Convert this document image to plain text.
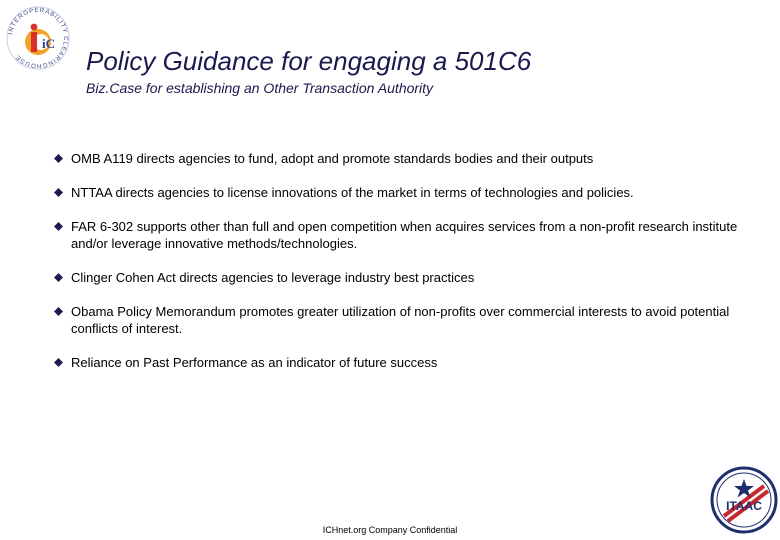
INTEROPERABILITY CLEARINGHOUSE
iC
Policy Guidance for engaging a 501C6

Biz.Case for establishing an Other Transaction Authority

OMB A119 directs agencies to fund, adopt and promote standards bodies and their outputs
NTTAA directs agencies to license innovations of the market in terms of technologies and policies.
FAR 6-302 supports other than full and open competition when acquires services from a non-profit research institute and/or leverage innovative methods/technologies.
Clinger Cohen Act directs agencies to leverage industry best practices
Obama Policy Memorandum promotes greater utilization of non-profits over commercial interests to avoid potential conflicts of interest.
Reliance on Past Performance as an indicator of future success
ICHnet.org Company Confidential
ITAAC
